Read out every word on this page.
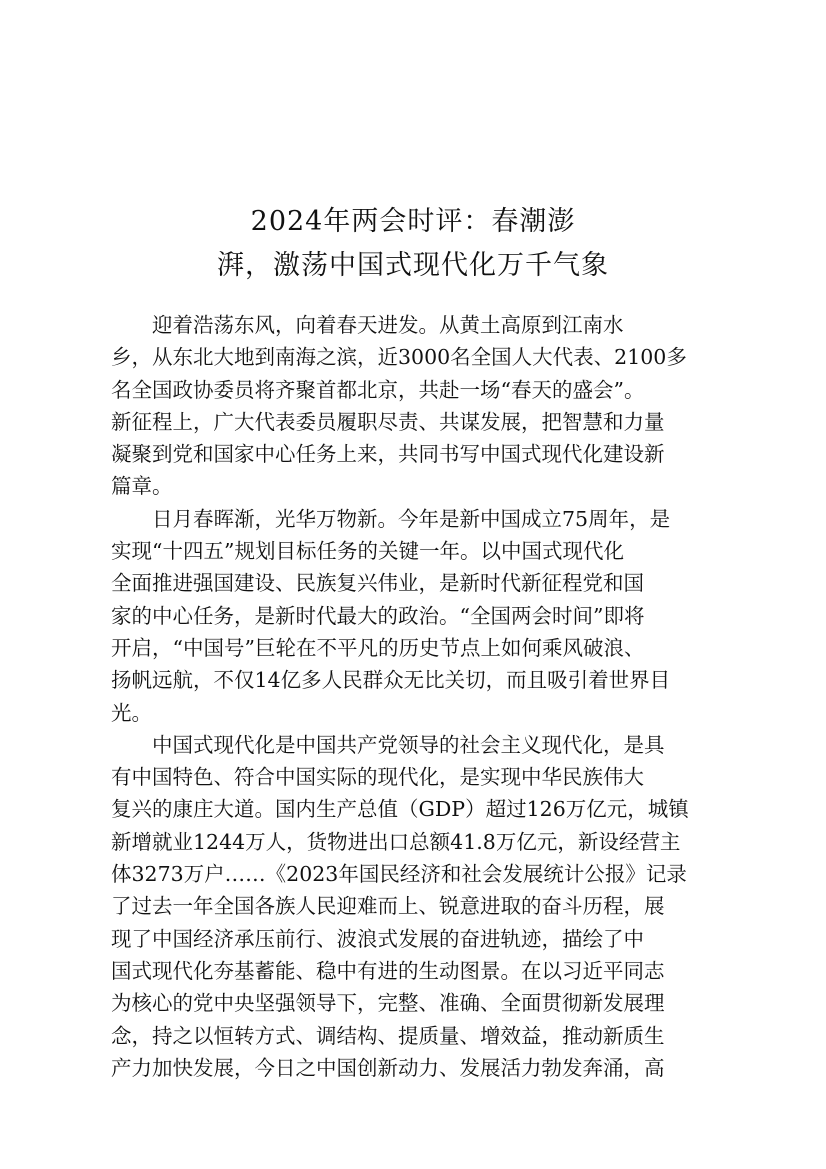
2024年两会时评：春潮澎
湃，激荡中国式现代化万千气象

迎着浩荡东风，向着春天进发。从黄土高原到江南水
乡，从东北大地到南海之滨，近3000名全国人大代表、2100多
名全国政协委员将齐聚首都北京，共赴一场“春天的盛会”。
新征程上，广大代表委员履职尽责、共谋发展，把智慧和力量
凝聚到党和国家中心任务上来，共同书写中国式现代化建设新
篇章。

日月春晖渐，光华万物新。今年是新中国成立75周年，是
实现“十四五”规划目标任务的关键一年。以中国式现代化
全面推进强国建设、民族复兴伟业，是新时代新征程党和国
家的中心任务，是新时代最大的政治。“全国两会时间”即将
开启，“中国号”巨轮在不平凡的历史节点上如何乘风破浪、
扬帆远航，不仅14亿多人民群众无比关切，而且吸引着世界目
光。

中国式现代化是中国共产党领导的社会主义现代化，是具
有中国特色、符合中国实际的现代化，是实现中华民族伟大
复兴的康庄大道。国内生产总值（GDP）超过126万亿元，城镇
新增就业1244万人，货物进出口总额41.8万亿元，新设经营主
体3273万户……《2023年国民经济和社会发展统计公报》记录
了过去一年全国各族人民迎难而上、锐意进取的奋斗历程，展
现了中国经济承压前行、波浪式发展的奋进轨迹，描绘了中
国式现代化夯基蓄能、稳中有进的生动图景。在以习近平同志
为核心的党中央坚强领导下，完整、准确、全面贯彻新发展理
念，持之以恒转方式、调结构、提质量、增效益，推动新质生
产力加快发展，今日之中国创新动力、发展活力勃发奔涌，高
